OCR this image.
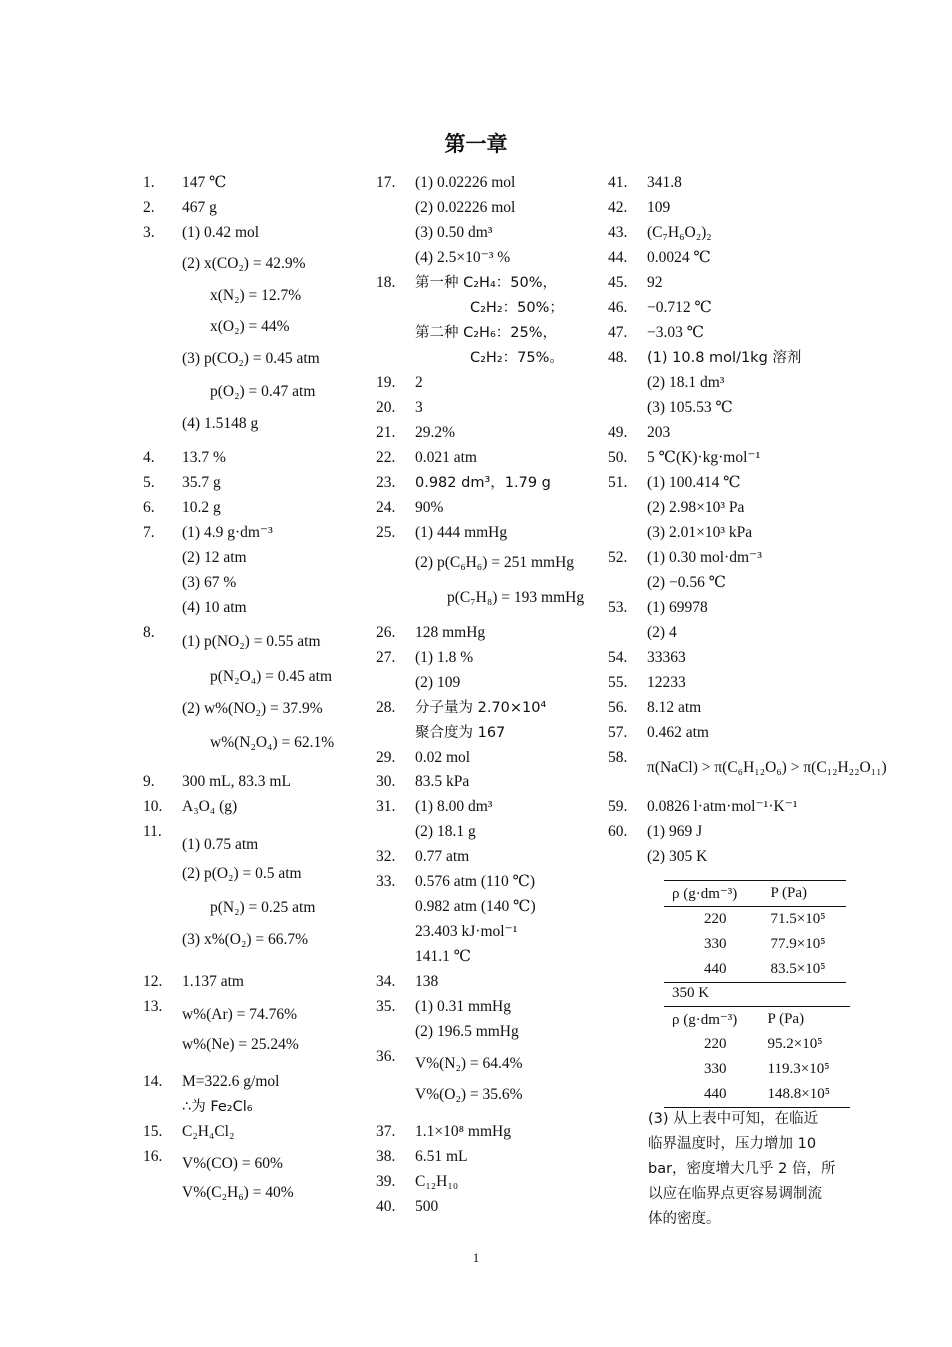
第一章
1. 147 ℃
2. 467 g
3. (1) 0.42 mol
(2) x(CO₂) = 42.9%
x(N₂) = 12.7%
x(O₂) = 44%
(3) p(CO₂) = 0.45 atm
p(O₂) = 0.47 atm
(4) 1.5148 g
4. 13.7 %
5. 35.7 g
6. 10.2 g
7. (1) 4.9 g·dm⁻³
(2) 12 atm
(3) 67 %
(4) 10 atm
8.
(1) p(NO₂) = 0.55 atm
p(N₂O₄) = 0.45 atm
(2) w%(NO₂) = 37.9%
w%(N₂O₄) = 62.1%
9. 300 mL, 83.3 mL
10. A₃O₄ (g)
11.
(1) 0.75 atm
(2) p(O₂) = 0.5 atm
p(N₂) = 0.25 atm
(3) x%(O₂) = 66.7%
12. 1.137 atm
13. w%(Ar) = 74.76%
w%(Ne) = 25.24%
14. M=322.6 g/mol
∴为 Fe₂Cl₆
15. C₂H₄Cl₂
16. V%(CO) = 60%
V%(C₂H₆) = 40%
17. (1) 0.02226 mol
(2) 0.02226 mol
(3) 0.50 dm³
(4) 2.5×10⁻³ %
18. 第一种 C₂H₄：50%，
C₂H₂：50%；
第二种 C₂H₆：25%，
C₂H₂：75%。
19. 2
20. 3
21. 29.2%
22. 0.021 atm
23. 0.982 dm³，1.79 g
24. 90%
25. (1) 444 mmHg
(2) p(C₆H₆) = 251 mmHg
p(C₇H₈) = 193 mmHg
26. 128 mmHg
27. (1) 1.8 %
(2) 109
28. 分子量为 2.70×10⁴
聚合度为 167
29. 0.02 mol
30. 83.5 kPa
31. (1) 8.00 dm³
(2) 18.1 g
32. 0.77 atm
33. 0.576 atm (110 ℃)
0.982 atm (140 ℃)
23.403 kJ·mol⁻¹
141.1 ℃
34. 138
35. (1) 0.31 mmHg
(2) 196.5 mmHg
36. V%(N₂) = 64.4%
V%(O₂) = 35.6%
37. 1.1×10⁸ mmHg
38. 6.51 mL
39. C₁₂H₁₀
40. 500
41. 341.8
42. 109
43. (C₇H₆O₂)₂
44. 0.0024 ℃
45. 92
46. −0.712 ℃
47. −3.03 ℃
48. (1) 10.8 mol/1kg 溶剂
(2) 18.1 dm³
(3) 105.53 ℃
49. 203
50. 5 ℃(K)·kg·mol⁻¹
51. (1) 100.414 ℃
(2) 2.98×10³ Pa
(3) 2.01×10³ kPa
52. (1) 0.30 mol·dm⁻³
(2) −0.56 ℃
53. (1) 69978
(2) 4
54. 33363
55. 12233
56. 8.12 atm
57. 0.462 atm
58.
π(NaCl) > π(C₆H₁₂O₆) > π(C₁₂H₂₂O₁₁)
59. 0.0826 l·atm·mol⁻¹·K⁻¹
60. (1) 969 J
(2) 305 K
ρ (g·dm⁻³)	P (Pa)
220	71.5×10⁵
330	77.9×10⁵
440	83.5×10⁵
350 K	
ρ (g·dm⁻³)	P (Pa)
220	95.2×10⁵
330	119.3×10⁵
440	148.8×10⁵
(3) 从上表中可知，在临近
临界温度时，压力增加 10
bar，密度增大几乎 2 倍，所
以应在临界点更容易调制流
体的密度。
1
